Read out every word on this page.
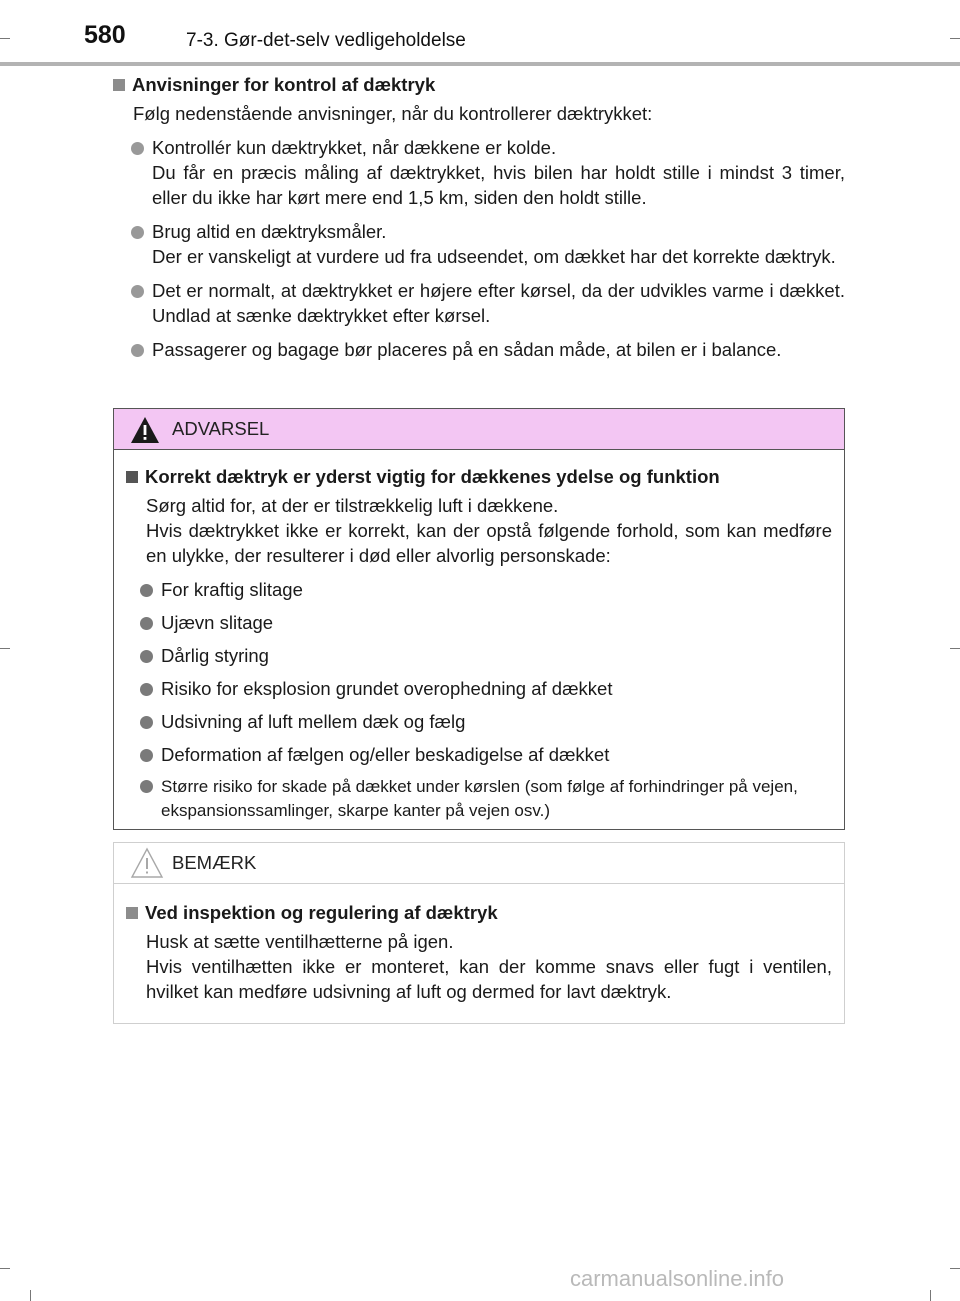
580	7-3. Gør-det-selv vedligeholdelse
Anvisninger for kontrol af dæktryk

Følg nedenstående anvisninger, når du kontrollerer dæktrykket:

Kontrollér kun dæktrykket, når dækkene er kolde.

Du får en præcis måling af dæktrykket, hvis bilen har holdt stille i mindst 3 timer, eller du ikke har kørt mere end 1,5 km, siden den holdt stille.

Brug altid en dæktryksmåler.

Der er vanskeligt at vurdere ud fra udseendet, om dækket har det korrekte dæktryk.

Det er normalt, at dæktrykket er højere efter kørsel, da der udvikles varme i dækket. Undlad at sænke dæktrykket efter kørsel.

Passagerer og bagage bør placeres på en sådan måde, at bilen er i balance.

ADVARSEL
Korrekt dæktryk er yderst vigtig for dækkenes ydelse og funktion

Sørg altid for, at der er tilstrækkelig luft i dækkene.

Hvis dæktrykket ikke er korrekt, kan der opstå følgende forhold, som kan medføre en ulykke, der resulterer i død eller alvorlig personskade:

For kraftig slitage
Ujævn slitage
Dårlig styring
Risiko for eksplosion grundet overophedning af dækket
Udsivning af luft mellem dæk og fælg
Deformation af fælgen og/eller beskadigelse af dækket
Større risiko for skade på dækket under kørslen (som følge af forhindringer på vejen, ekspansionssamlinger, skarpe kanter på vejen osv.)
BEMÆRK
Ved inspektion og regulering af dæktryk

Husk at sætte ventilhætterne på igen.

Hvis ventilhætten ikke er monteret, kan der komme snavs eller fugt i ventilen, hvilket kan medføre udsivning af luft og dermed for lavt dæktryk.

carmanualsonline.info
